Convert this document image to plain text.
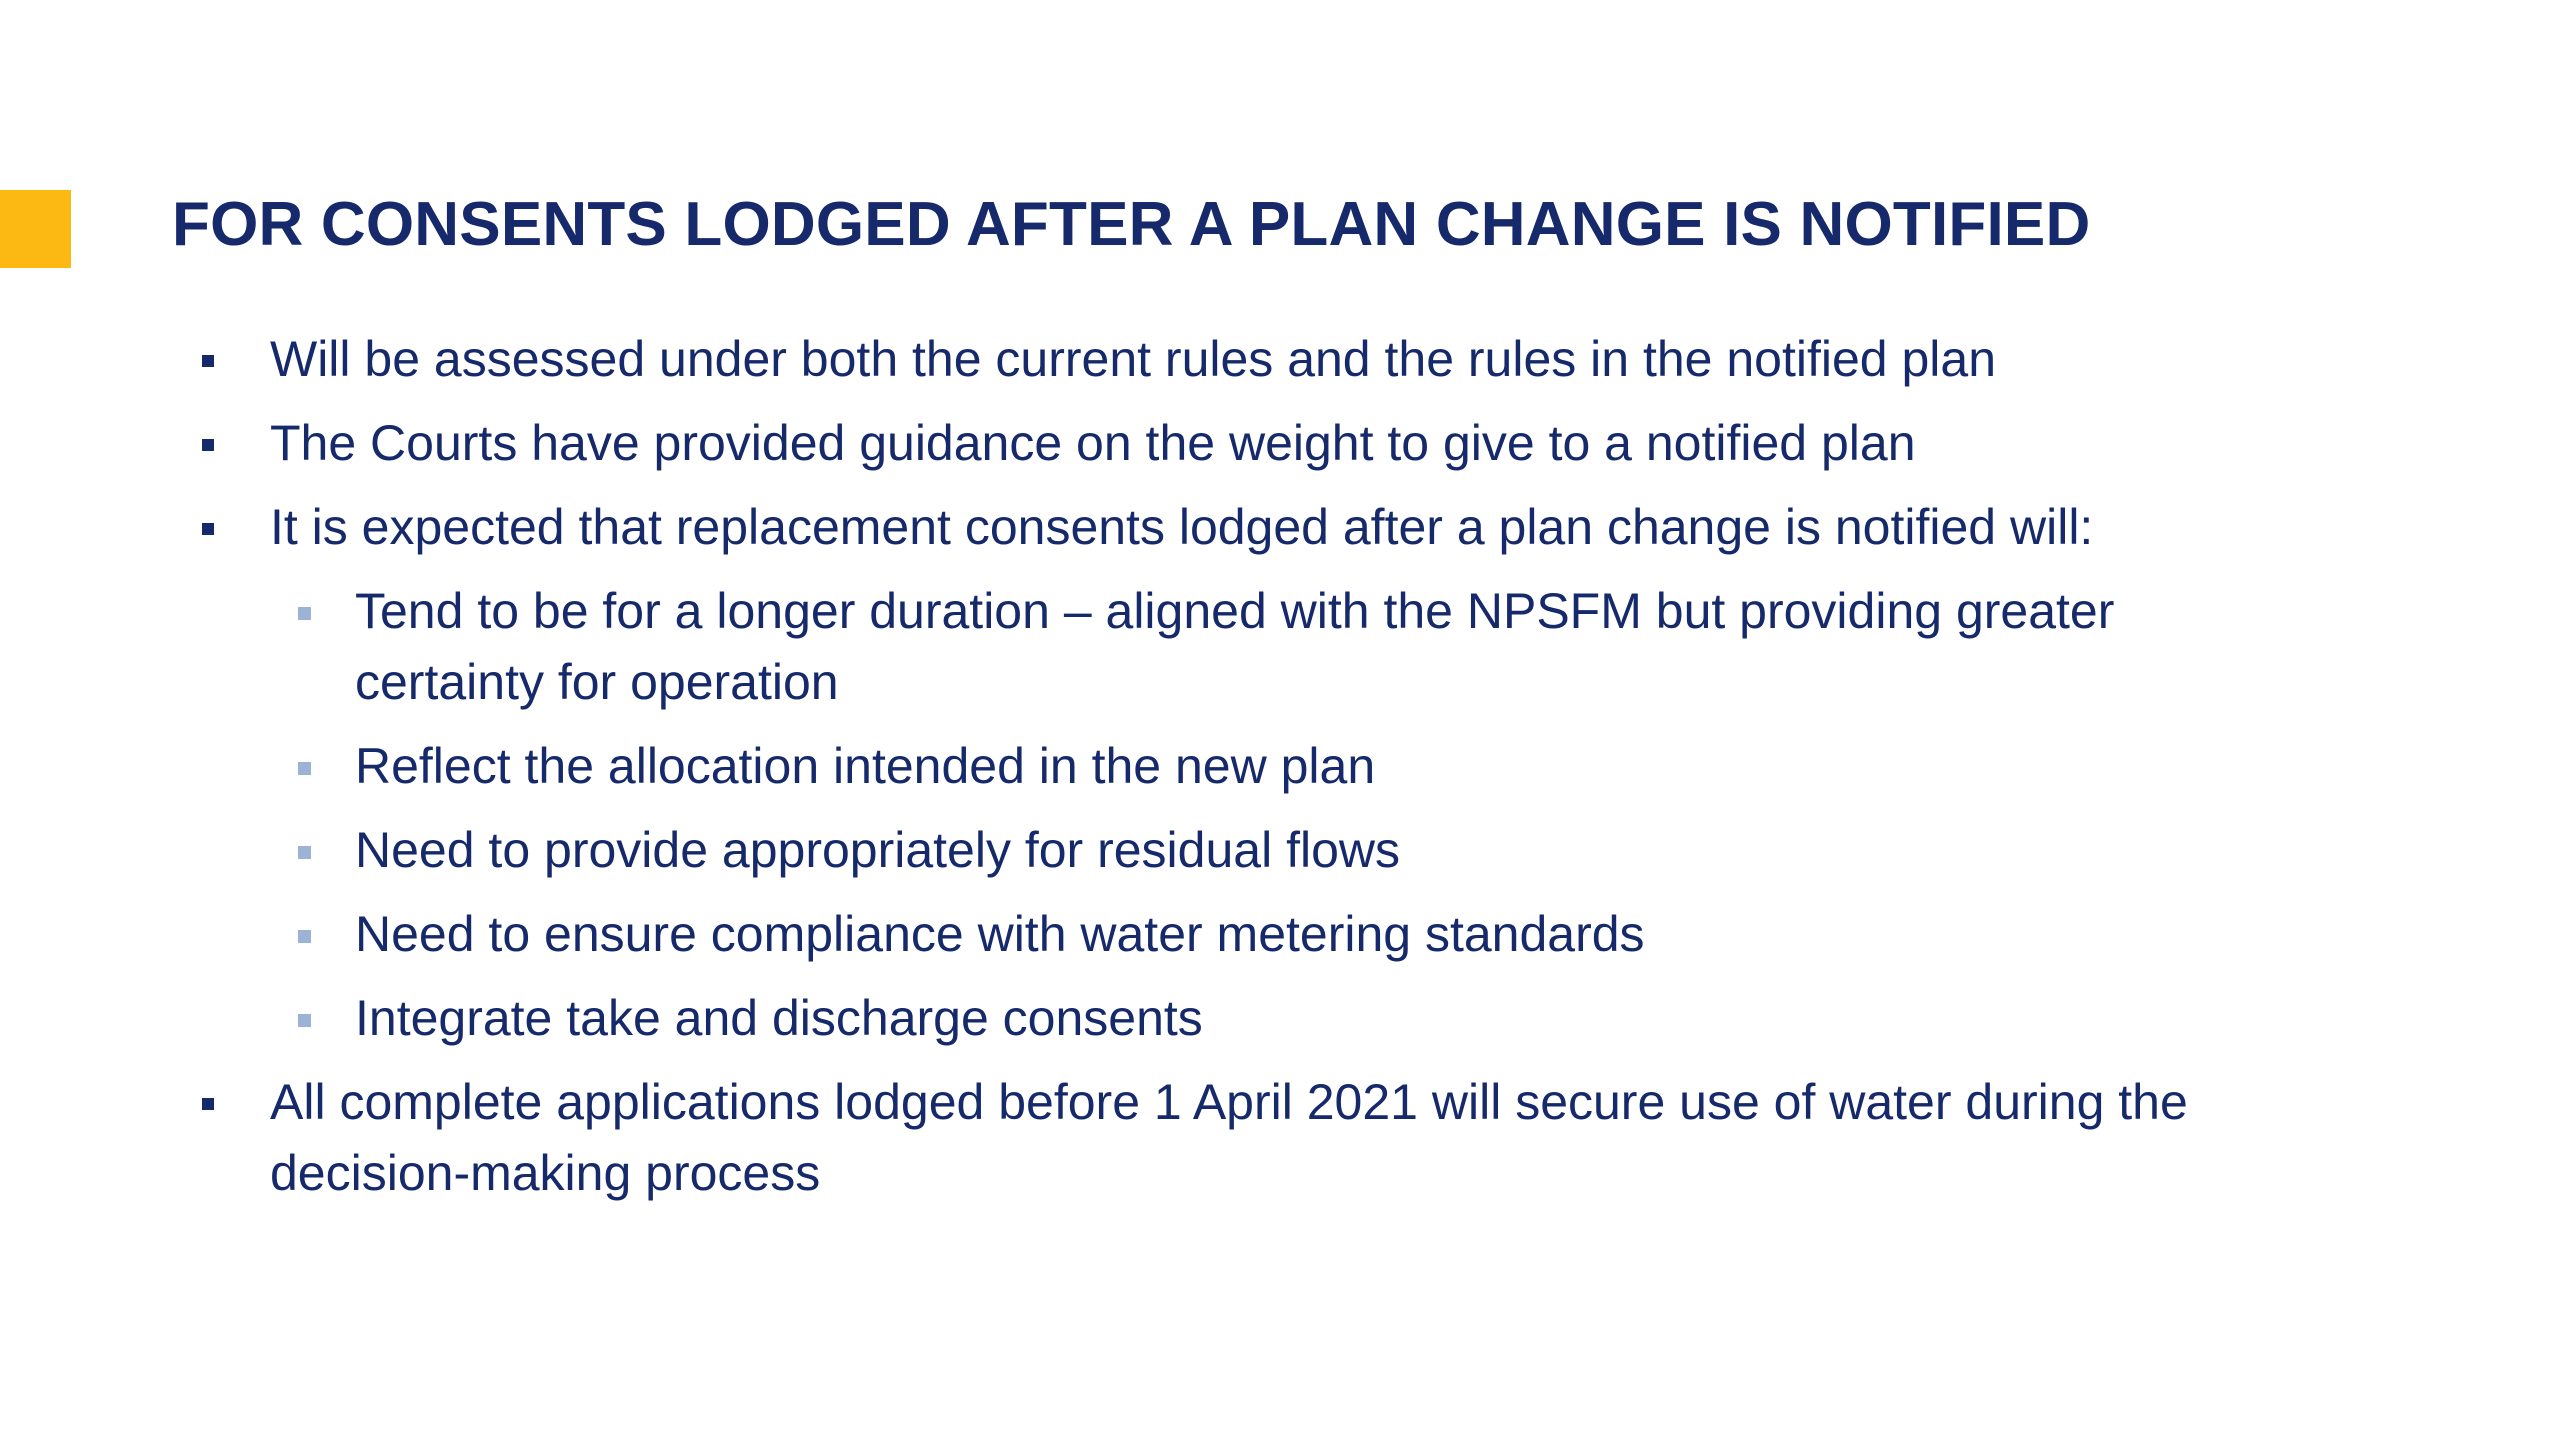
FOR CONSENTS LODGED AFTER A PLAN CHANGE IS NOTIFIED
Will be assessed under both the current rules and the rules in the notified plan
The Courts have provided guidance on the weight to give to a notified plan
It is expected that replacement consents lodged after a plan change is notified will:
Tend to be for a longer duration – aligned with the NPSFM but providing greater certainty for operation
Reflect the allocation intended in the new plan
Need to provide appropriately for residual flows
Need to ensure compliance with water metering standards
Integrate take and discharge consents
All complete applications lodged before 1 April 2021 will secure use of water during the decision-making process
